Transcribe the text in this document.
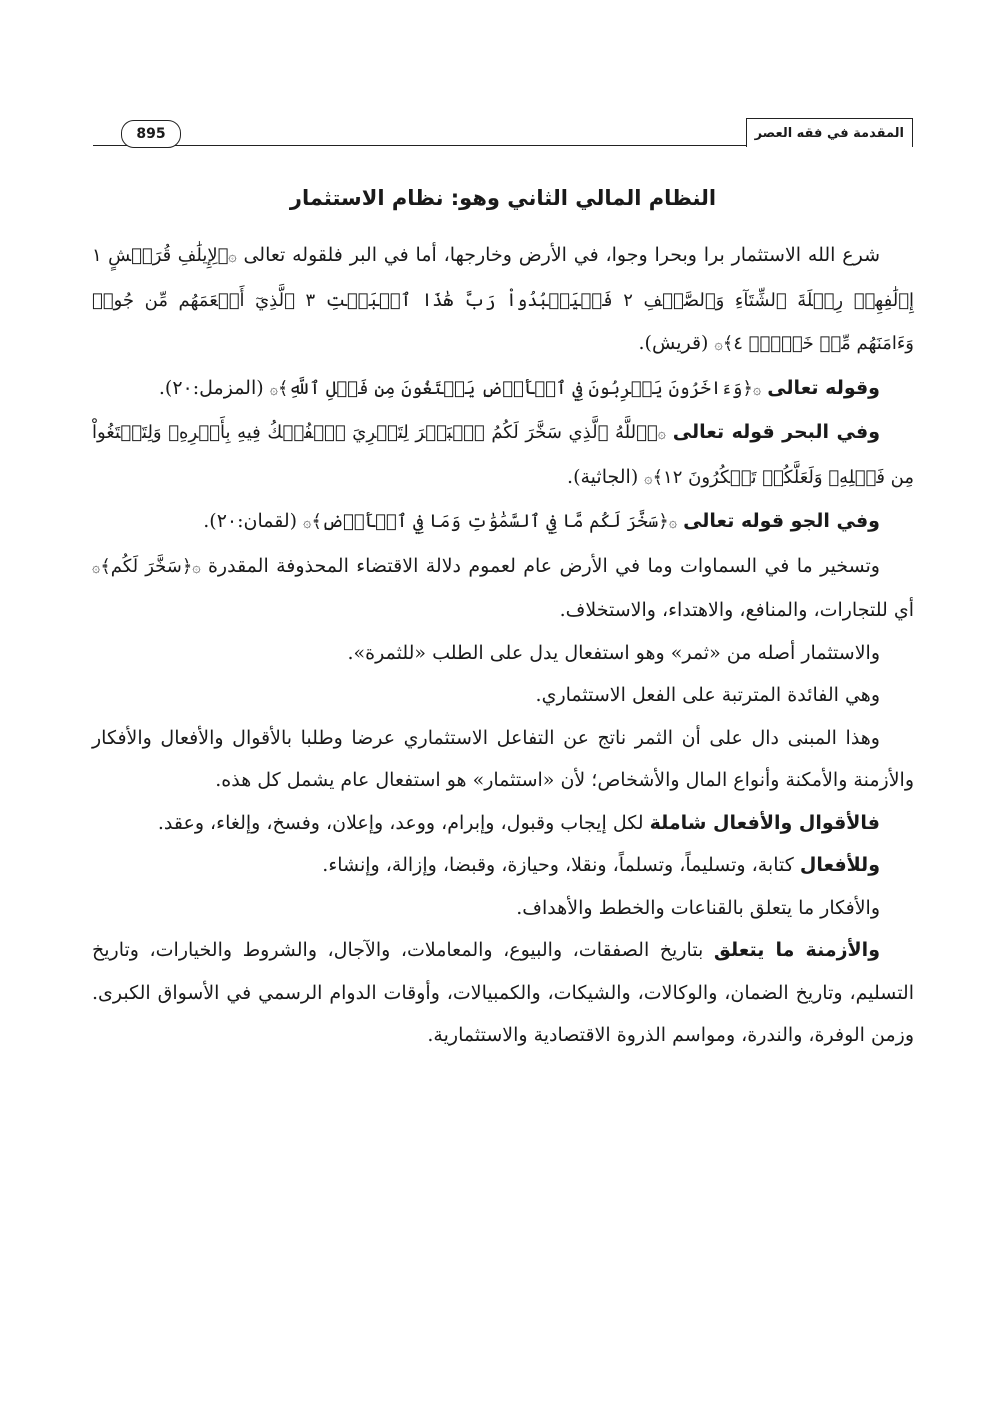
895	المقدمة في فقه العصر
النظام المالي الثاني وهو: نظام الاستثمار

شرع الله الاستثمار برا وبحرا وجوا، في الأرض وخارجها، أما في البر فلقوله تعالى ۞﴿لِإِيلَٰفِ قُرَيۡشٍ ١ إِۦلَٰفِهِمۡ رِحۡلَةَ ٱلشِّتَآءِ وَٱلصَّيۡفِ ٢ فَلۡيَعۡبُدُواْ رَبَّ هَٰذَا ٱلۡبَيۡتِ ٣ ٱلَّذِيٓ أَطۡعَمَهُم مِّن جُوعٖ وَءَامَنَهُم مِّنۡ خَوۡفِۭ ٤﴾۞ (قريش).

وقوله تعالى ۞﴿وَءَاخَرُونَ يَضۡرِبُونَ فِي ٱلۡأَرۡضِ يَبۡتَغُونَ مِن فَضۡلِ ٱللَّهِ﴾۞ (المزمل:٢٠).

وفي البحر قوله تعالى ۞﴿ٱللَّهُ ٱلَّذِي سَخَّرَ لَكُمُ ٱلۡبَحۡرَ لِتَجۡرِيَ ٱلۡفُلۡكُ فِيهِ بِأَمۡرِهِۦ وَلِتَبۡتَغُواْ مِن فَضۡلِهِۦ وَلَعَلَّكُمۡ تَشۡكُرُونَ ١٢﴾۞ (الجاثية).

وفي الجو قوله تعالى ۞﴿سَخَّرَ لَكُم مَّا فِي ٱلسَّمَٰوَٰتِ وَمَا فِي ٱلۡأَرۡضِ﴾۞ (لقمان:٢٠).

وتسخير ما في السماوات وما في الأرض عام لعموم دلالة الاقتضاء المحذوفة المقدرة ۞﴿سَخَّرَ لَكُم﴾۞ أي للتجارات، والمنافع، والاهتداء، والاستخلاف.

والاستثمار أصله من «ثمر» وهو استفعال يدل على الطلب «للثمرة».

وهي الفائدة المترتبة على الفعل الاستثماري.

وهذا المبنى دال على أن الثمر ناتج عن التفاعل الاستثماري عرضا وطلبا بالأقوال والأفعال والأفكار والأزمنة والأمكنة وأنواع المال والأشخاص؛ لأن «استثمار» هو استفعال عام يشمل كل هذه.

فالأقوال والأفعال شاملة لكل إيجاب وقبول، وإبرام، ووعد، وإعلان، وفسخ، وإلغاء، وعقد.

وللأفعال كتابة، وتسليماً، وتسلماً، ونقلا، وحيازة، وقبضا، وإزالة، وإنشاء.

والأفكار ما يتعلق بالقناعات والخطط والأهداف.

والأزمنة ما يتعلق بتاريخ الصفقات، والبيوع، والمعاملات، والآجال، والشروط والخيارات، وتاريخ التسليم، وتاريخ الضمان، والوكالات، والشيكات، والكمبيالات، وأوقات الدوام الرسمي في الأسواق الكبرى. وزمن الوفرة، والندرة، ومواسم الذروة الاقتصادية والاستثمارية.
